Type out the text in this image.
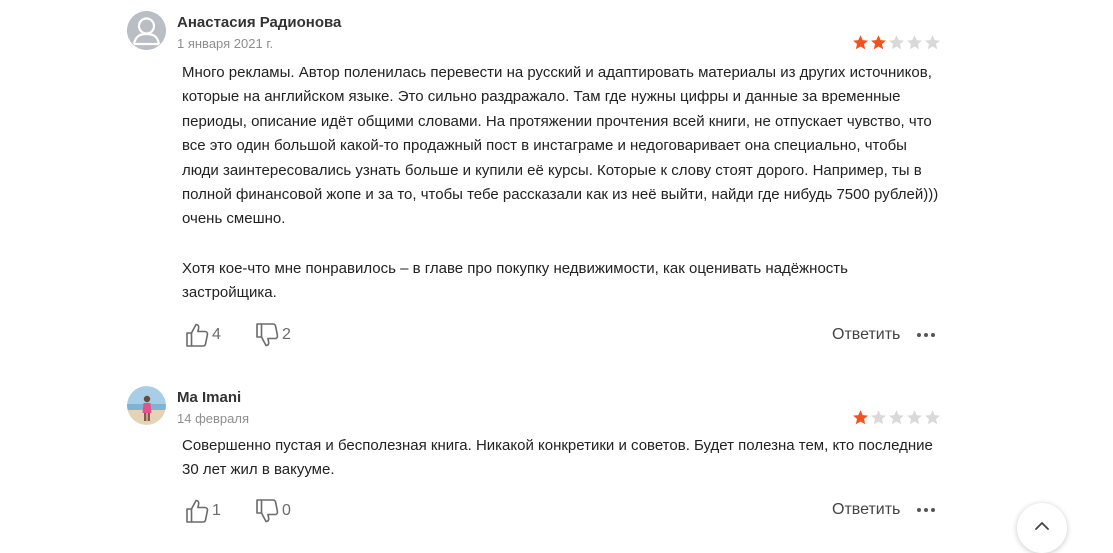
Анастасия Радионова
1 января 2021 г.

Много рекламы. Автор поленилась перевести на русский и адаптировать материалы из других источников, которые на английском языке. Это сильно раздражало. Там где нужны цифры и данные за временные периоды, описание идёт общими словами. На протяжении прочтения всей книги, не отпускает чувство, что все это один большой какой-то продажный пост в инстаграме и недоговаривает она специально, чтобы люди заинтересовались узнать больше и купили её курсы. Которые к слову стоят дорого. Например, ты в полной финансовой жопе и за то, чтобы тебе рассказали как из неё выйти, найди где нибудь 7500 рублей))) очень смешно.

Хотя кое-что мне понравилось – в главе про покупку недвижимости, как оценивать надёжность застройщика.

4	2	Ответить
Ma Imani
14 февраля

Совершенно пустая и бесполезная книга. Никакой конкретики и советов. Будет полезна тем, кто последние 30 лет жил в вакууме.

1	0	Ответить
